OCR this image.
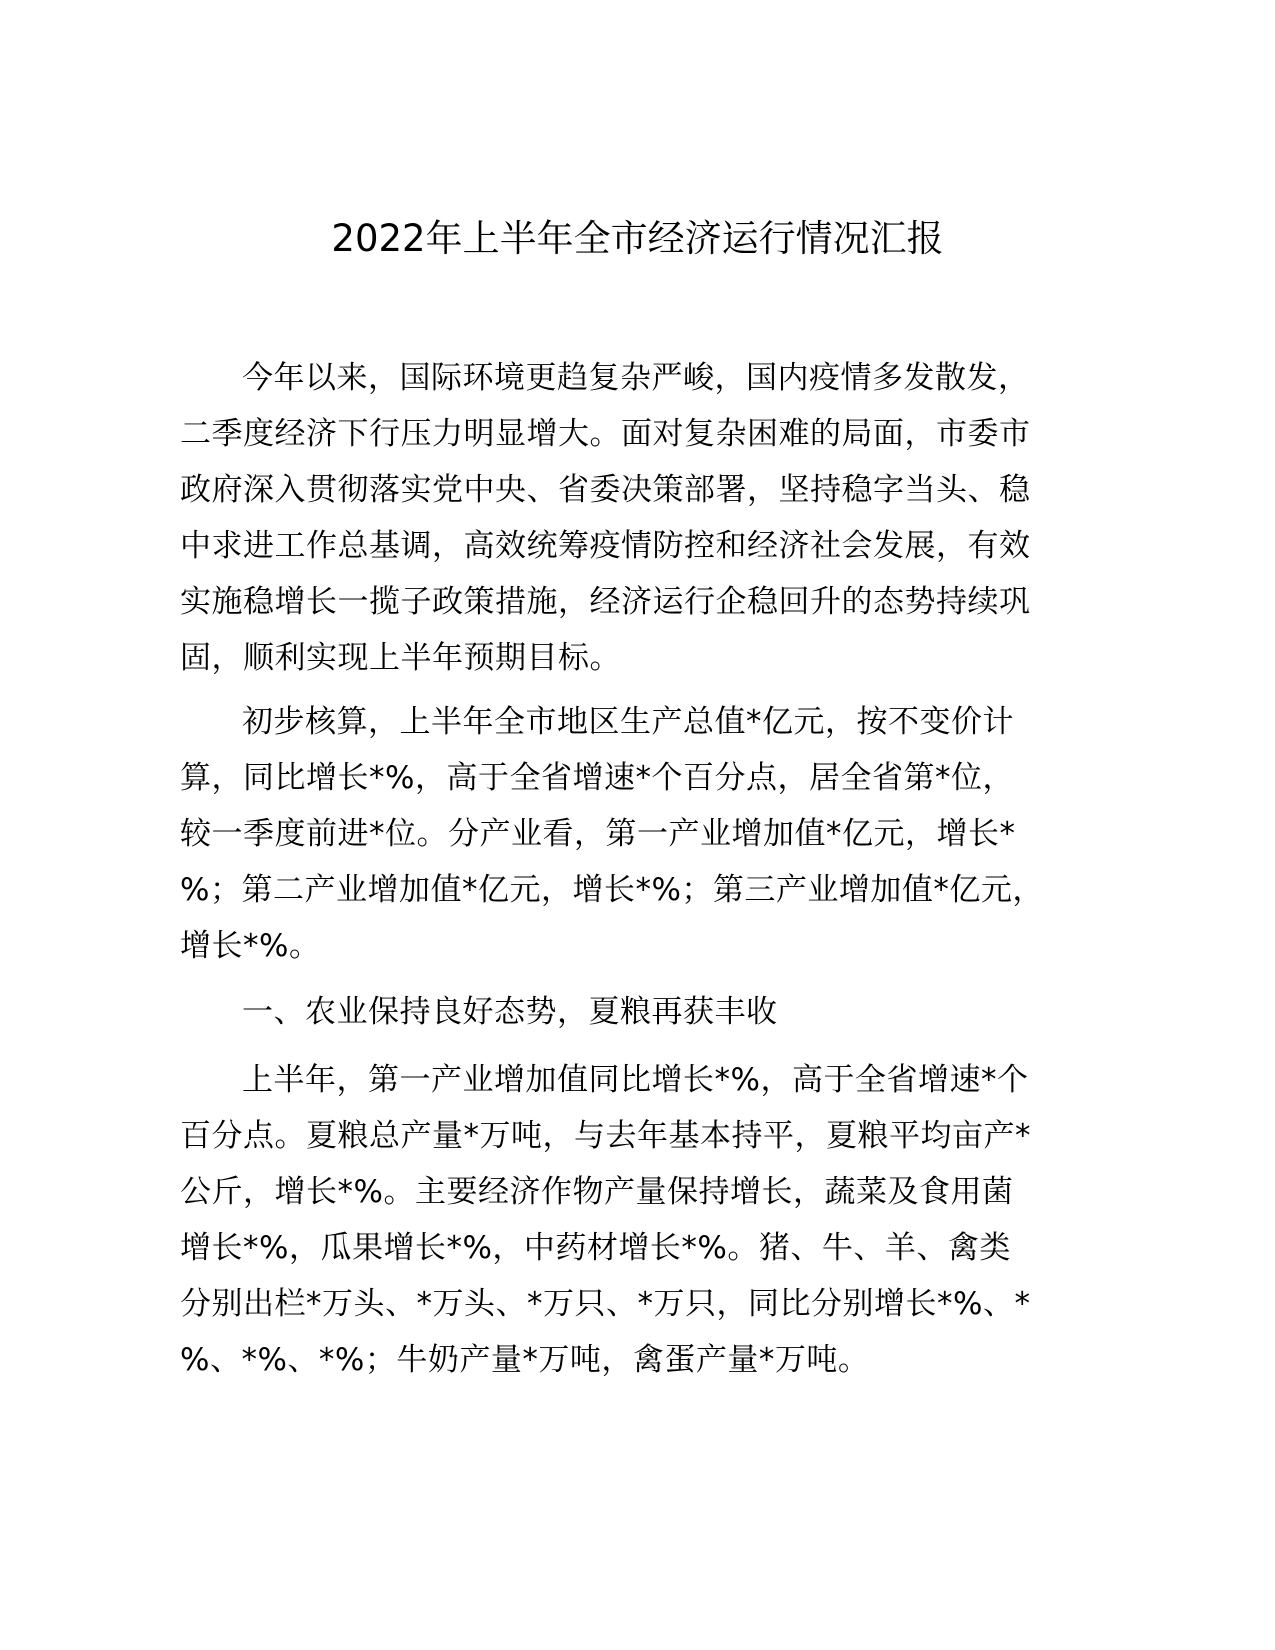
2022年上半年全市经济运行情况汇报
今年以来，国际环境更趋复杂严峻，国内疫情多发散发，
二季度经济下行压力明显增大。面对复杂困难的局面，市委市
政府深入贯彻落实党中央、省委决策部署，坚持稳字当头、稳
中求进工作总基调，高效统筹疫情防控和经济社会发展，有效
实施稳增长一揽子政策措施，经济运行企稳回升的态势持续巩
固，顺利实现上半年预期目标。
初步核算，上半年全市地区生产总值*亿元，按不变价计
算，同比增长*%，高于全省增速*个百分点，居全省第*位，
较一季度前进*位。分产业看，第一产业增加值*亿元，增长*
%；第二产业增加值*亿元，增长*%；第三产业增加值*亿元，
增长*%。
一、农业保持良好态势，夏粮再获丰收
上半年，第一产业增加值同比增长*%，高于全省增速*个
百分点。夏粮总产量*万吨，与去年基本持平，夏粮平均亩产*
公斤，增长*%。主要经济作物产量保持增长，蔬菜及食用菌
增长*%，瓜果增长*%，中药材增长*%。猪、牛、羊、禽类
分别出栏*万头、*万头、*万只、*万只，同比分别增长*%、*
%、*%、*%；牛奶产量*万吨，禽蛋产量*万吨。
